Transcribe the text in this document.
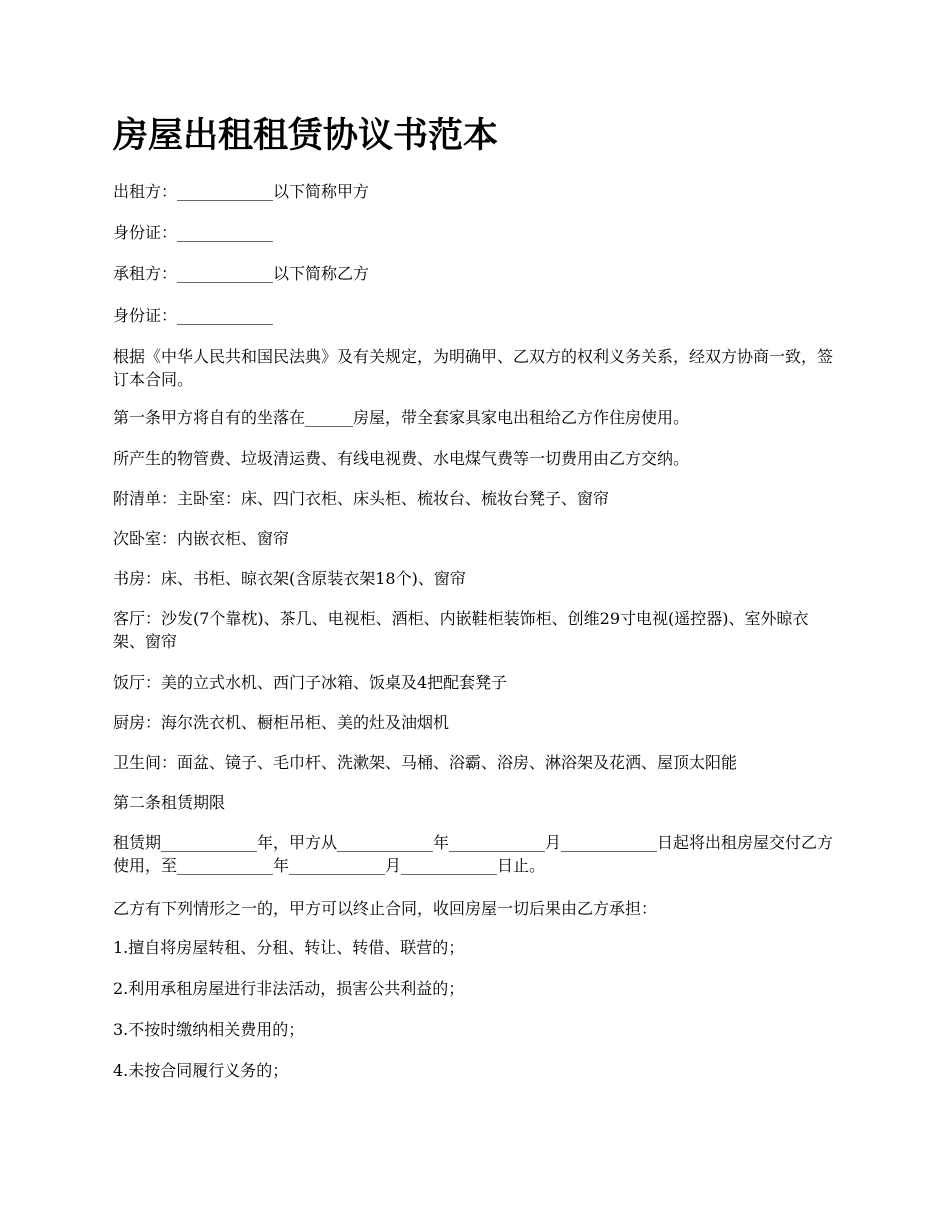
房屋出租租赁协议书范本

出租方：____________以下简称甲方

身份证：____________

承租方：____________以下简称乙方

身份证：____________

根据《中华人民共和国民法典》及有关规定，为明确甲、乙双方的权利义务关系，经双方协商一致，签订本合同。

第一条甲方将自有的坐落在______房屋，带全套家具家电出租给乙方作住房使用。

所产生的物管费、垃圾清运费、有线电视费、水电煤气费等一切费用由乙方交纳。

附清单：主卧室：床、四门衣柜、床头柜、梳妆台、梳妆台凳子、窗帘

次卧室：内嵌衣柜、窗帘

书房：床、书柜、晾衣架(含原装衣架18个)、窗帘

客厅：沙发(7个靠枕)、茶几、电视柜、酒柜、内嵌鞋柜装饰柜、创维29寸电视(遥控器)、室外晾衣架、窗帘

饭厅：美的立式水机、西门子冰箱、饭桌及4把配套凳子

厨房：海尔洗衣机、橱柜吊柜、美的灶及油烟机

卫生间：面盆、镜子、毛巾杆、洗漱架、马桶、浴霸、浴房、淋浴架及花洒、屋顶太阳能

第二条租赁期限

租赁期____________年，甲方从____________年____________月____________日起将出租房屋交付乙方使用，至____________年____________月____________日止。

乙方有下列情形之一的，甲方可以终止合同，收回房屋一切后果由乙方承担：

1.擅自将房屋转租、分租、转让、转借、联营的；

2.利用承租房屋进行非法活动，损害公共利益的；

3.不按时缴纳相关费用的；

4.未按合同履行义务的；
